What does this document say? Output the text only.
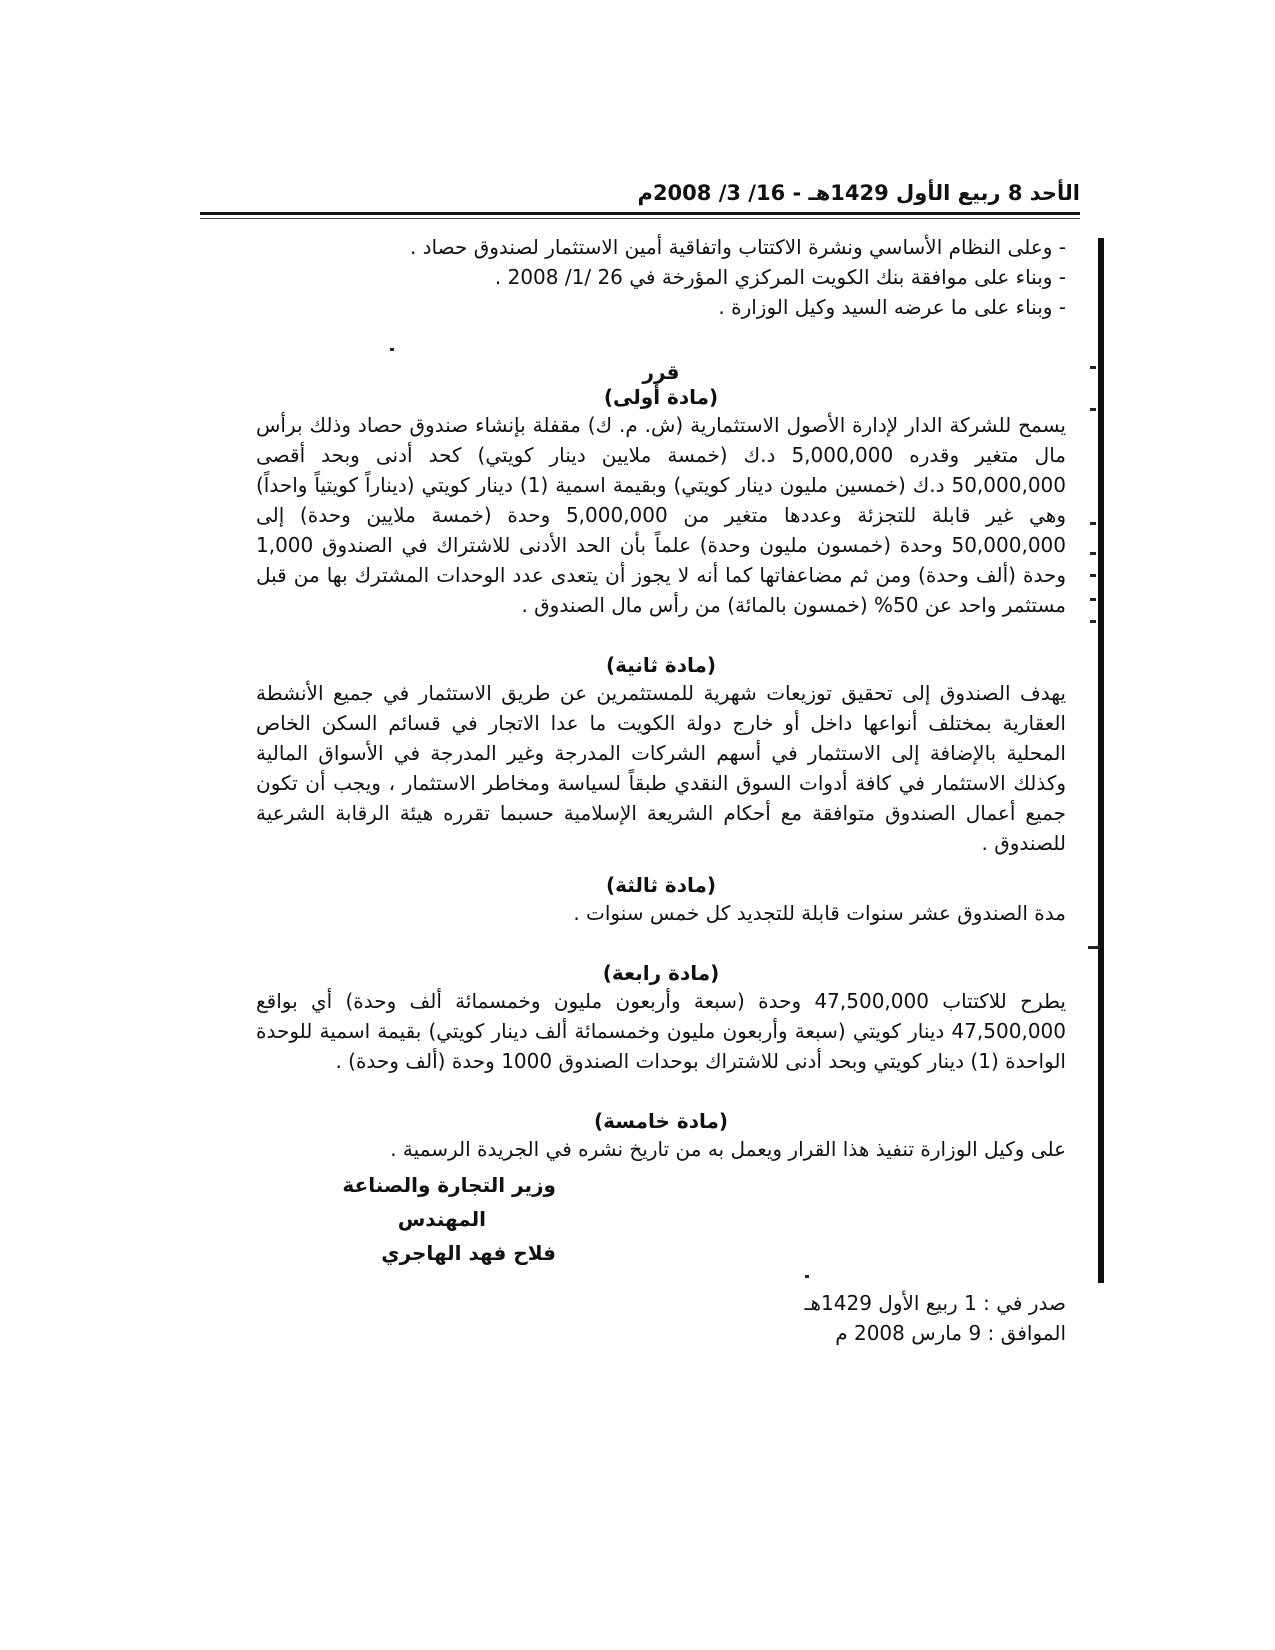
الأحد 8 ربيع الأول 1429هـ - 16/ 3/ 2008م

- وعلى النظام الأساسي ونشرة الاكتتاب واتفاقية أمين الاستثمار لصندوق حصاد .

- وبناء على موافقة بنك الكويت المركزي المؤرخة في 26 /1/ 2008 .

- وبناء على ما عرضه السيد وكيل الوزارة .

قرر
(مادة أولى)

يسمح للشركة الدار لإدارة الأصول الاستثمارية (ش. م. ك) مقفلة بإنشاء صندوق حصاد وذلك برأس مال متغير وقدره 5,000,000 د.ك (خمسة ملايين دينار كويتي) كحد أدنى وبحد أقصى 50,000,000 د.ك (خمسين مليون دينار كويتي) وبقيمة اسمية (1) دينار كويتي (ديناراً كويتياً واحداً) وهي غير قابلة للتجزئة وعددها متغير من 5,000,000 وحدة (خمسة ملايين وحدة) إلى 50,000,000 وحدة (خمسون مليون وحدة) علماً بأن الحد الأدنى للاشتراك في الصندوق 1,000 وحدة (ألف وحدة) ومن ثم مضاعفاتها كما أنه لا يجوز أن يتعدى عدد الوحدات المشترك بها من قبل مستثمر واحد عن 50% (خمسون بالمائة) من رأس مال الصندوق .

(مادة ثانية)

يهدف الصندوق إلى تحقيق توزيعات شهرية للمستثمرين عن طريق الاستثمار في جميع الأنشطة العقارية بمختلف أنواعها داخل أو خارج دولة الكويت ما عدا الاتجار في قسائم السكن الخاص المحلية بالإضافة إلى الاستثمار في أسهم الشركات المدرجة وغير المدرجة في الأسواق المالية وكذلك الاستثمار في كافة أدوات السوق النقدي طبقاً لسياسة ومخاطر الاستثمار ، ويجب أن تكون جميع أعمال الصندوق متوافقة مع أحكام الشريعة الإسلامية حسبما تقرره هيئة الرقابة الشرعية للصندوق .

(مادة ثالثة)

مدة الصندوق عشر سنوات قابلة للتجديد كل خمس سنوات .

(مادة رابعة)

يطرح للاكتتاب 47,500,000 وحدة (سبعة وأربعون مليون وخمسمائة ألف وحدة) أي بواقع 47,500,000 دينار كويتي (سبعة وأربعون مليون وخمسمائة ألف دينار كويتي) بقيمة اسمية للوحدة الواحدة (1) دينار كويتي وبحد أدنى للاشتراك بوحدات الصندوق 1000 وحدة (ألف وحدة) .

(مادة خامسة)

على وكيل الوزارة تنفيذ هذا القرار ويعمل به من تاريخ نشره في الجريدة الرسمية .

وزير التجارة والصناعة
المهندس
فلاح فهد الهاجري
صدر في : 1 ربيع الأول 1429هـ
الموافق : 9 مارس 2008 م
